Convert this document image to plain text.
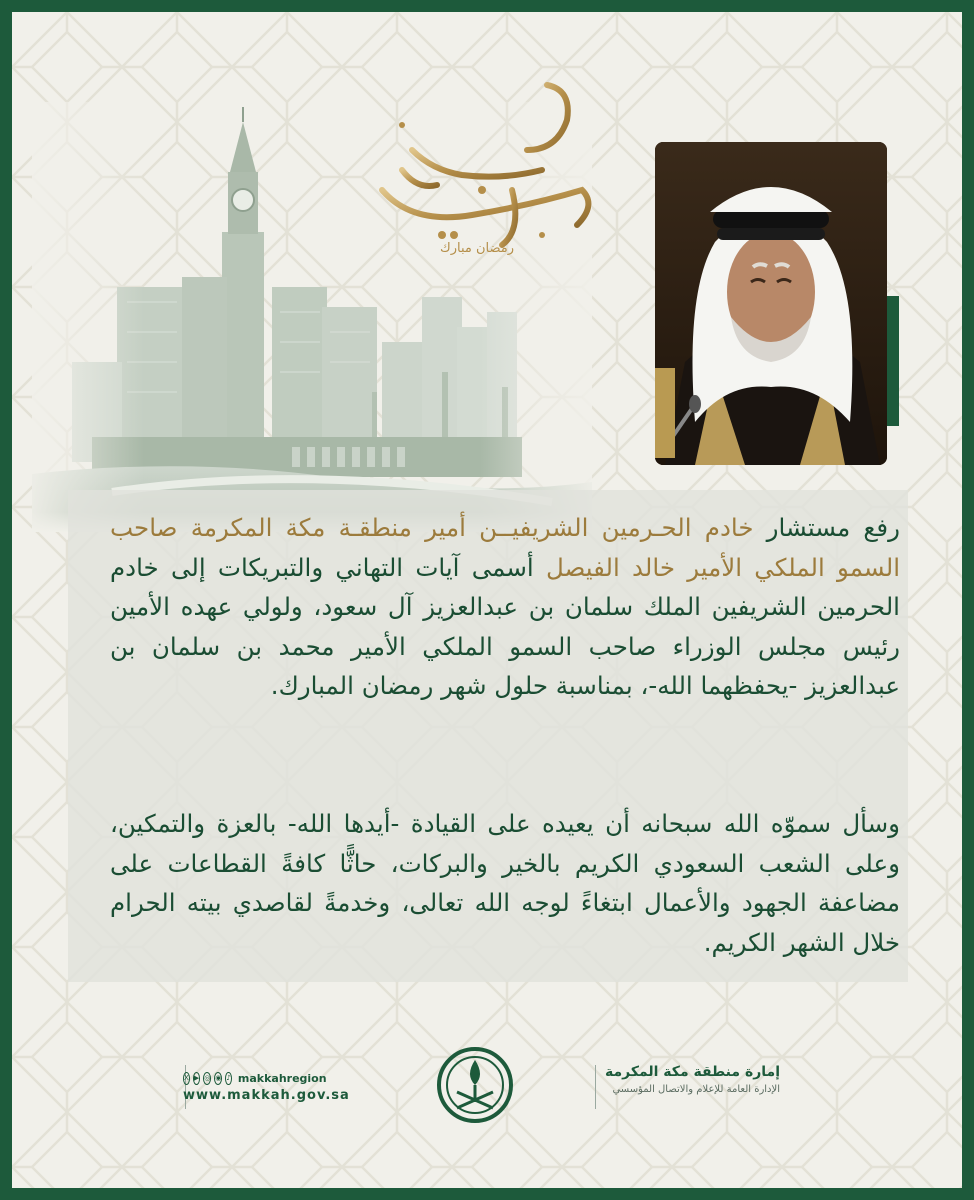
رمضان مبارك

رفع مستشار خادم الحـرمين الشريفيــن أمير منطقـة مكة المكرمة صاحب السمو الملكي الأمير خالد الفيصل أسمى آيات التهاني والتبريكات إلى خادم الحرمين الشريفين الملك سلمان بن عبدالعزيز آل سعود، ولولي عهده الأمين رئيس مجلس الوزراء صاحب السمو الملكي الأمير محمد بن سلمان بن عبدالعزيز -يحفظهما الله-، بمناسبة حلول شهر رمضان المبارك.

وسأل سموّه الله سبحانه أن يعيده على القيادة -أيدها الله- بالعزة والتمكين، وعلى الشعب السعودي الكريم بالخير والبركات، حاثًّا كافةً القطاعات على مضاعفة الجهود والأعمال ابتغاءً لوجه الله تعالى، وخدمةً لقاصدي بيته الحرام خلال الشهر الكريم.

إمارة منطقة مكة المكرمة
الإدارة العامة للإعلام والاتصال المؤسسي
X ▶ ◎ ◉ ♪ makkahregion
www.makkah.gov.sa
